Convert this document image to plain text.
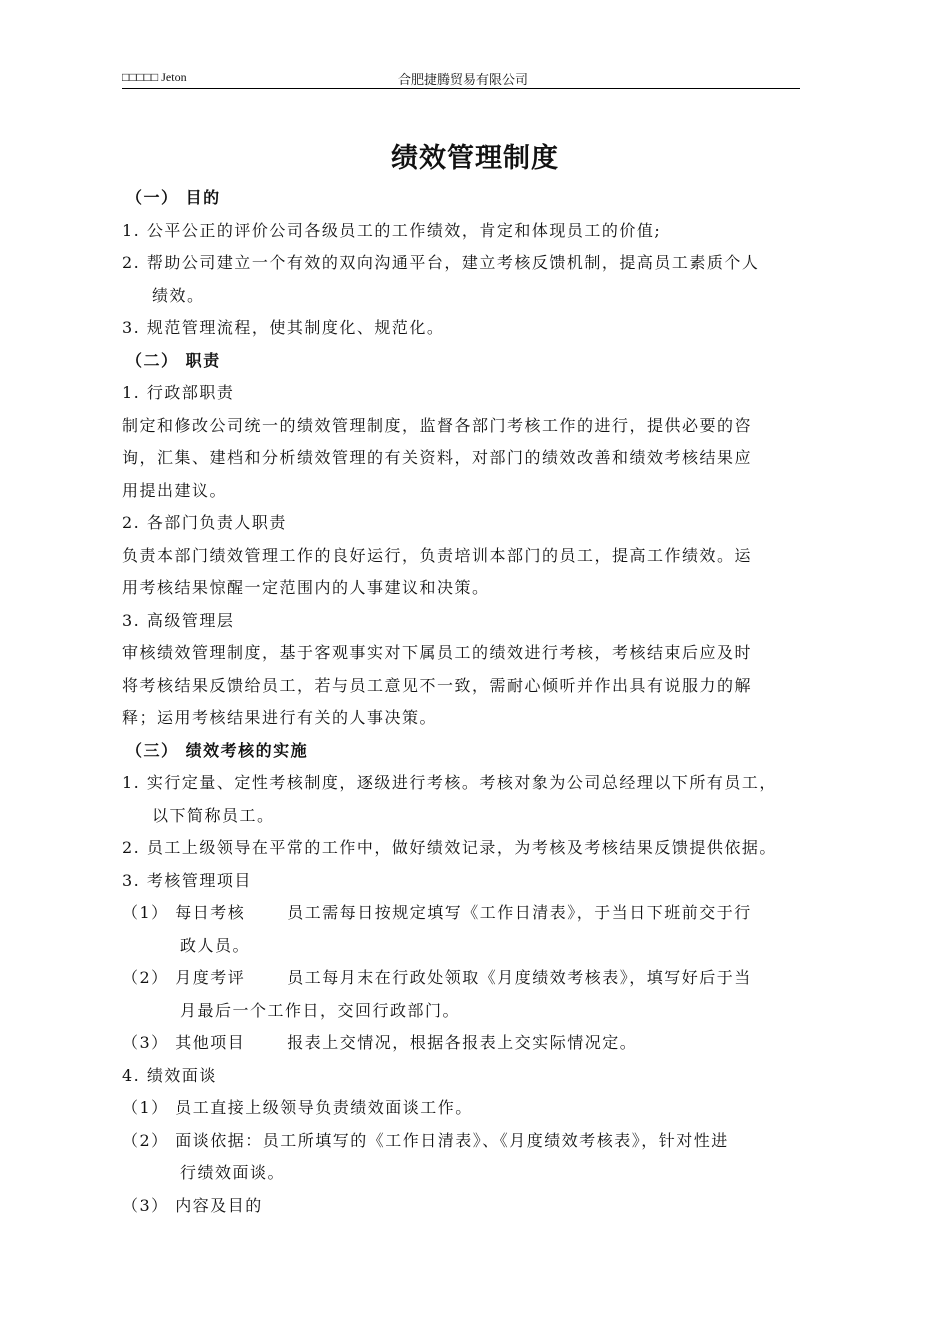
□□□□□ Jeton	合肥捷腾贸易有限公司
绩效管理制度
（一） 目的
1. 公平公正的评价公司各级员工的工作绩效，肯定和体现员工的价值;
2. 帮助公司建立一个有效的双向沟通平台，建立考核反馈机制，提高员工素质个人
绩效。
3. 规范管理流程，使其制度化、规范化。
（二） 职责
1. 行政部职责
制定和修改公司统一的绩效管理制度，监督各部门考核工作的进行，提供必要的咨
询，汇集、建档和分析绩效管理的有关资料，对部门的绩效改善和绩效考核结果应
用提出建议。
2. 各部门负责人职责
负责本部门绩效管理工作的良好运行，负责培训本部门的员工，提高工作绩效。运
用考核结果惊醒一定范围内的人事建议和决策。
3. 高级管理层
审核绩效管理制度，基于客观事实对下属员工的绩效进行考核，考核结束后应及时
将考核结果反馈给员工，若与员工意见不一致，需耐心倾听并作出具有说服力的解
释；运用考核结果进行有关的人事决策。
（三） 绩效考核的实施
1. 实行定量、定性考核制度，逐级进行考核。考核对象为公司总经理以下所有员工，
以下简称员工。
2. 员工上级领导在平常的工作中，做好绩效记录，为考核及考核结果反馈提供依据。
3. 考核管理项目
（1） 每日考核	员工需每日按规定填写《工作日清表》，于当日下班前交于行
政人员。
（2） 月度考评	员工每月末在行政处领取《月度绩效考核表》，填写好后于当
月最后一个工作日，交回行政部门。
（3） 其他项目	报表上交情况，根据各报表上交实际情况定。
4. 绩效面谈
（1） 员工直接上级领导负责绩效面谈工作。
（2） 面谈依据：员工所填写的《工作日清表》、《月度绩效考核表》，针对性进
行绩效面谈。
（3） 内容及目的
